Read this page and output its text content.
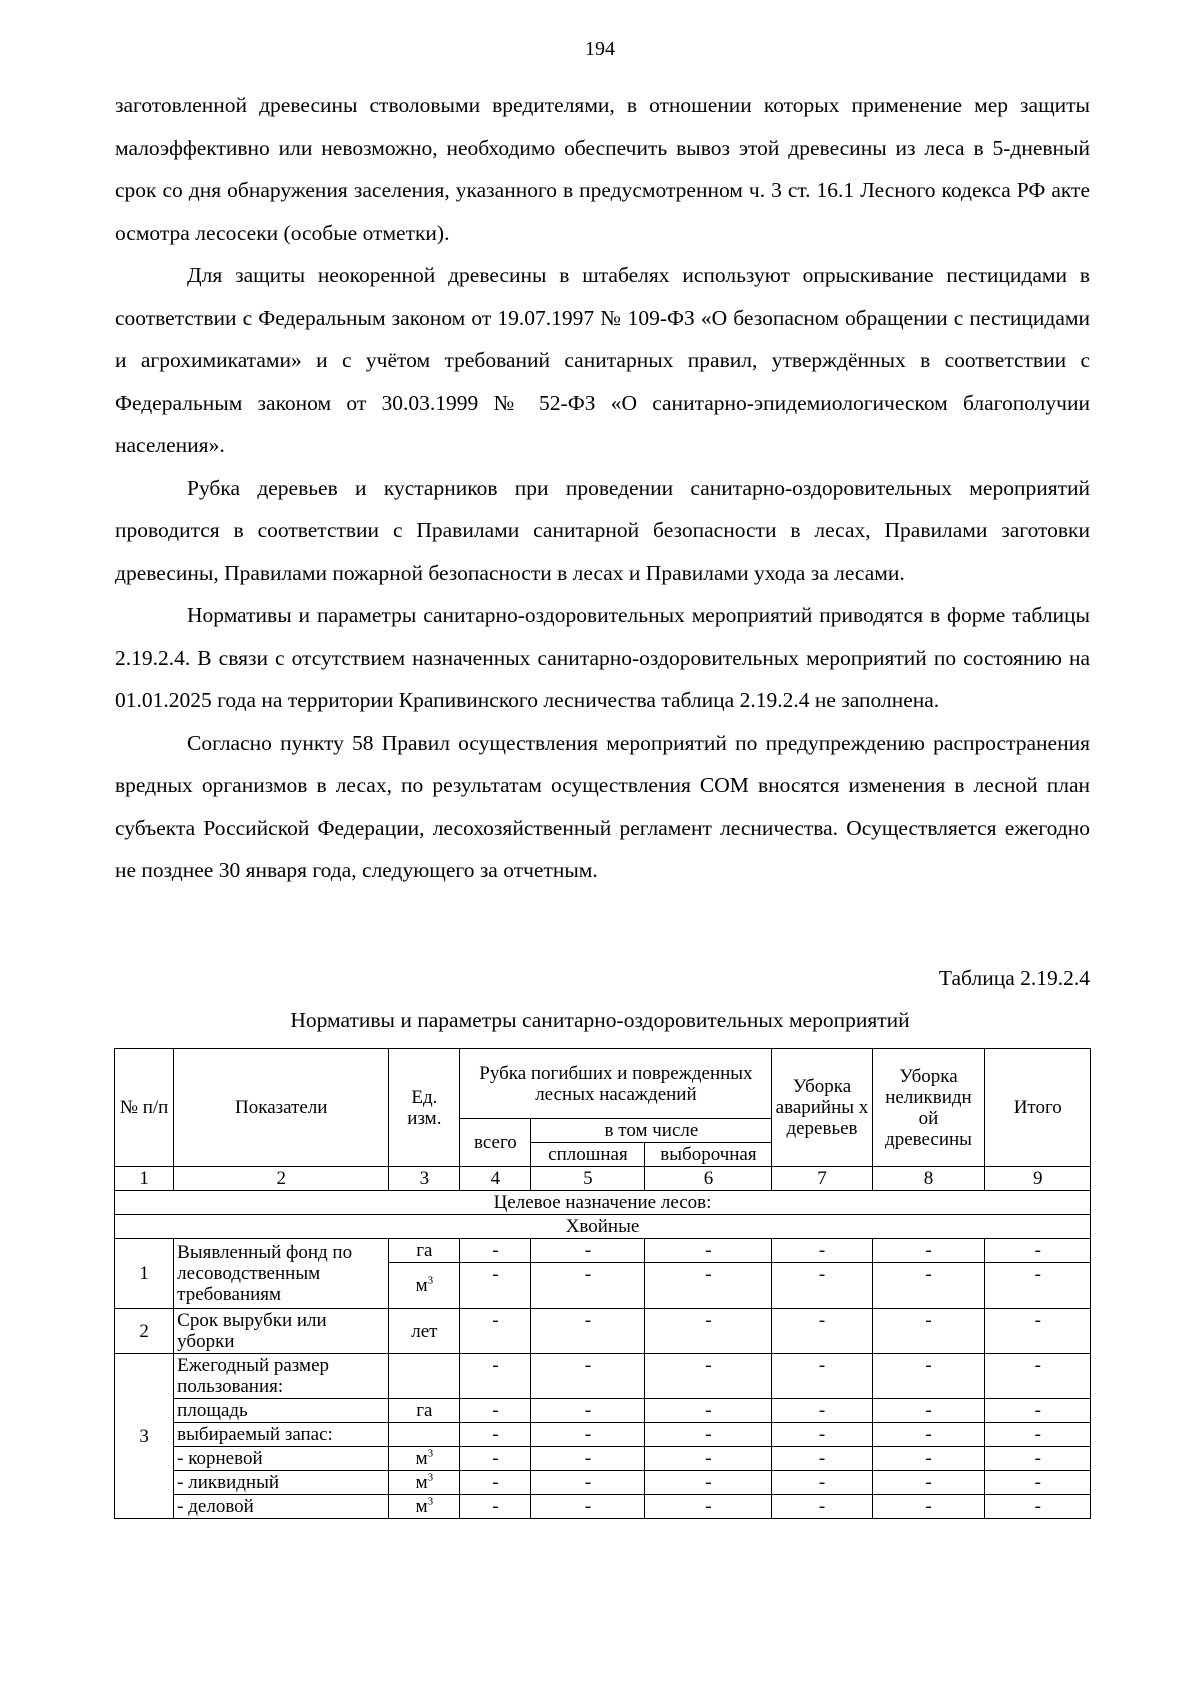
194

заготовленной древесины стволовыми вредителями, в отношении которых применение мер защиты малоэффективно или невозможно, необходимо обеспечить вывоз этой древесины из леса в 5-дневный срок со дня обнаружения заселения, указанного в предусмотренном ч. 3 ст. 16.1 Лесного кодекса РФ акте осмотра лесосеки (особые отметки).

Для защиты неокоренной древесины в штабелях используют опрыскивание пестицидами в соответствии с Федеральным законом от 19.07.1997 № 109-ФЗ «О безопасном обращении с пестицидами и агрохимикатами» и с учётом требований санитарных правил, утверждённых в соответствии с Федеральным законом от 30.03.1999 № 52-ФЗ «О санитарно-эпидемиологическом благополучии населения».

Рубка деревьев и кустарников при проведении санитарно-оздоровительных мероприятий проводится в соответствии с Правилами санитарной безопасности в лесах, Правилами заготовки древесины, Правилами пожарной безопасности в лесах и Правилами ухода за лесами.

Нормативы и параметры санитарно-оздоровительных мероприятий приводятся в форме таблицы 2.19.2.4. В связи с отсутствием назначенных санитарно-оздоровительных мероприятий по состоянию на 01.01.2025 года на территории Крапивинского лесничества таблица 2.19.2.4 не заполнена.

Согласно пункту 58 Правил осуществления мероприятий по предупреждению распространения вредных организмов в лесах, по результатам осуществления СОМ вносятся изменения в лесной план субъекта Российской Федерации, лесохозяйственный регламент лесничества. Осуществляется ежегодно не позднее 30 января года, следующего за отчетным.

Таблица 2.19.2.4
Нормативы и параметры санитарно-оздоровительных мероприятий
№ п/п	Показатели	Ед. изм.	Рубка погибших и поврежденных лесных насаждений			Уборка аварийны х деревьев	Уборка неликвидн ой древесины	Итого
			всего	в том числе				
				сплошная	выборочная			
1	2	3	4	5	6	7	8	9
Целевое назначение лесов:								
Хвойные								
1	Выявленный фонд по лесоводственным требованиям	га	-	-	-	-	-	-
		$м^3$	-	-	-	-	-	-
2	Срок вырубки или уборки	лет	-	-	-	-	-	-
3	Ежегодный размер пользования:		-	-	-	-	-	-
	площадь	га	-	-	-	-	-	-
	выбираемый запас:		-	-	-	-	-	-
	- корневой	$м^3$	-	-	-	-	-	-
	- ликвидный	$м^3$	-	-	-	-	-	-
	- деловой	$м^3$	-	-	-	-	-	-
